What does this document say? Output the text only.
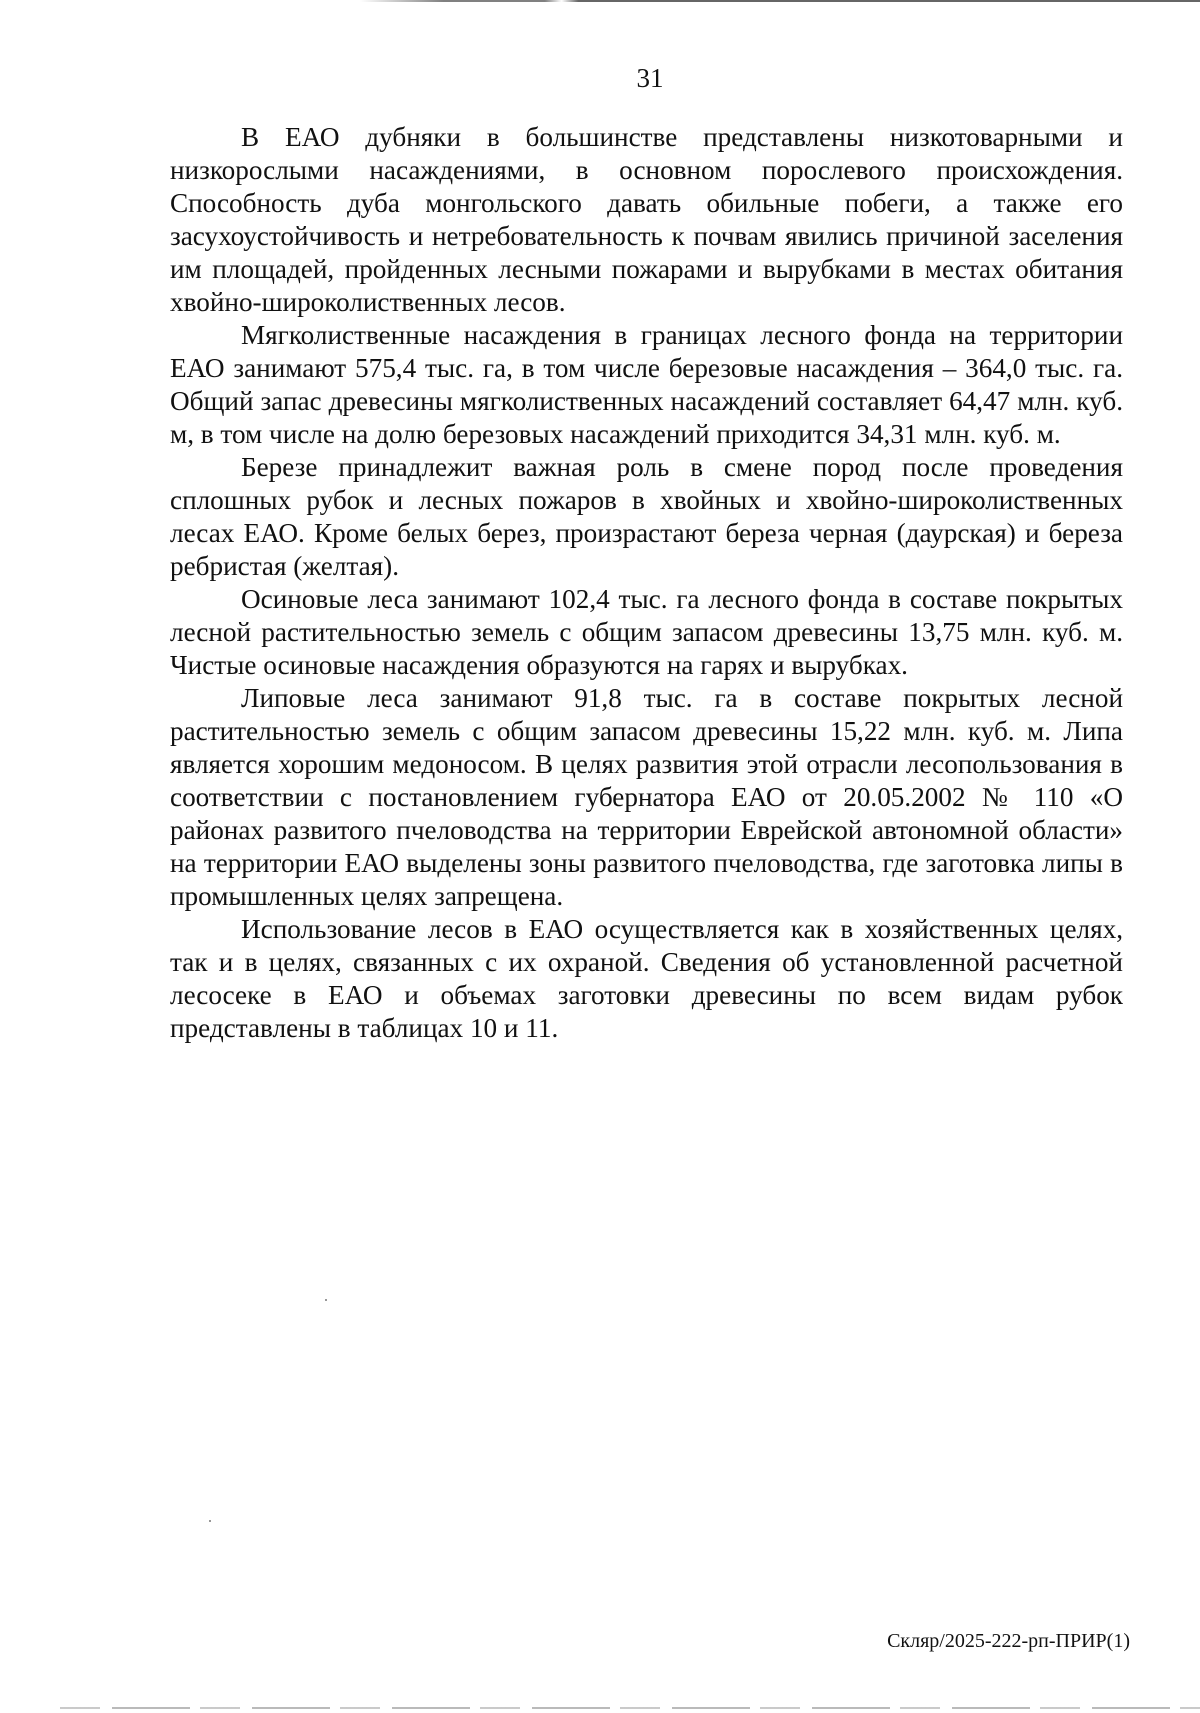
31

В ЕАО дубняки в большинстве представлены низкотоварными и низкорослыми насаждениями, в основном порослевого происхождения. Способность дуба монгольского давать обильные побеги, а также его засухоустойчивость и нетребовательность к почвам явились причиной заселения им площадей, пройденных лесными пожарами и вырубками в местах обитания хвойно-широколиственных лесов.

Мягколиственные насаждения в границах лесного фонда на территории ЕАО занимают 575,4 тыс. га, в том числе березовые насаждения – 364,0 тыс. га. Общий запас древесины мягколиственных насаждений составляет 64,47 млн. куб. м, в том числе на долю березовых насаждений приходится 34,31 млн. куб. м.

Березе принадлежит важная роль в смене пород после проведения сплошных рубок и лесных пожаров в хвойных и хвойно-широколиственных лесах ЕАО. Кроме белых берез, произрастают береза черная (даурская) и береза ребристая (желтая).

Осиновые леса занимают 102,4 тыс. га лесного фонда в составе покрытых лесной растительностью земель с общим запасом древесины 13,75 млн. куб. м. Чистые осиновые насаждения образуются на гарях и вырубках.

Липовые леса занимают 91,8 тыс. га в составе покрытых лесной растительностью земель с общим запасом древесины 15,22 млн. куб. м. Липа является хорошим медоносом. В целях развития этой отрасли лесопользования в соответствии с постановлением губернатора ЕАО от 20.05.2002 № 110 «О районах развитого пчеловодства на территории Еврейской автономной области» на территории ЕАО выделены зоны развитого пчеловодства, где заготовка липы в промышленных целях запрещена.

Использование лесов в ЕАО осуществляется как в хозяйственных целях, так и в целях, связанных с их охраной. Сведения об установленной расчетной лесосеке в ЕАО и объемах заготовки древесины по всем видам рубок представлены в таблицах 10 и 11.

Скляр/2025-222-рп-ПРИР(1)
